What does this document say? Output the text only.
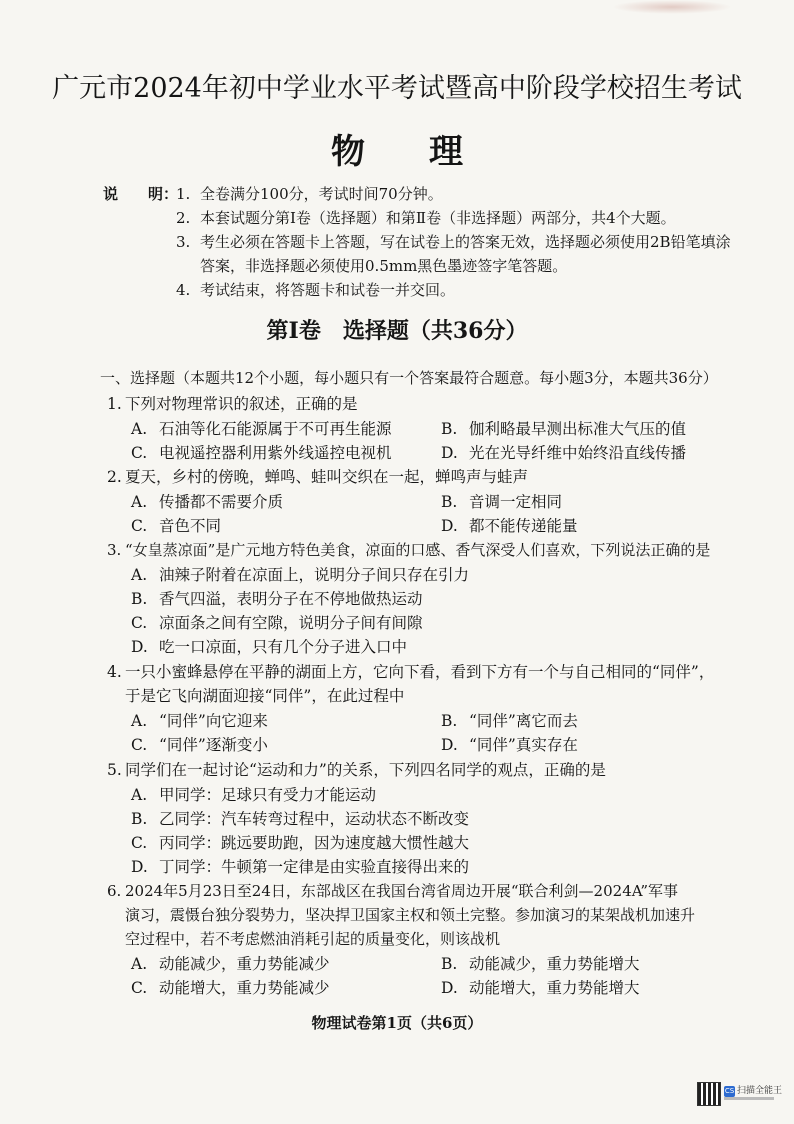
广元市2024年初中学业水平考试暨高中阶段学校招生考试
物 理
说 明：
1. 全卷满分100分，考试时间70分钟。
2. 本套试题分第Ⅰ卷（选择题）和第Ⅱ卷（非选择题）两部分，共4个大题。
3. 考生必须在答题卡上答题，写在试卷上的答案无效，选择题必须使用2B铅笔填涂答案，非选择题必须使用0.5mm黑色墨迹签字笔答题。
4. 考试结束，将答题卡和试卷一并交回。
第Ⅰ卷 选择题（共36分）
一、选择题（本题共12个小题，每小题只有一个答案最符合题意。每小题3分，本题共36分）
1. 下列对物理常识的叙述，正确的是
A. 石油等化石能源属于不可再生能源	B. 伽利略最早测出标准大气压的值
C. 电视遥控器利用紫外线遥控电视机	D. 光在光导纤维中始终沿直线传播
2. 夏天，乡村的傍晚，蝉鸣、蛙叫交织在一起，蝉鸣声与蛙声
A. 传播都不需要介质	B. 音调一定相同
C. 音色不同	D. 都不能传递能量
3. “女皇蒸凉面”是广元地方特色美食，凉面的口感、香气深受人们喜欢，下列说法正确的是
A. 油辣子附着在凉面上，说明分子间只存在引力
B. 香气四溢，表明分子在不停地做热运动
C. 凉面条之间有空隙，说明分子间有间隙
D. 吃一口凉面，只有几个分子进入口中
4. 一只小蜜蜂悬停在平静的湖面上方，它向下看，看到下方有一个与自己相同的“同伴”，
于是它飞向湖面迎接“同伴”，在此过程中
A. “同伴”向它迎来	B. “同伴”离它而去
C. “同伴”逐渐变小	D. “同伴”真实存在
5. 同学们在一起讨论“运动和力”的关系，下列四名同学的观点，正确的是
A. 甲同学：足球只有受力才能运动
B. 乙同学：汽车转弯过程中，运动状态不断改变
C. 丙同学：跳远要助跑，因为速度越大惯性越大
D. 丁同学：牛顿第一定律是由实验直接得出来的
6. 2024年5月23日至24日，东部战区在我国台湾省周边开展“联合利剑—2024A”军事
演习，震慑台独分裂势力，坚决捍卫国家主权和领土完整。参加演习的某架战机加速升
空过程中，若不考虑燃油消耗引起的质量变化，则该战机
A. 动能减少，重力势能减少	B. 动能减少，重力势能增大
C. 动能增大，重力势能减少	D. 动能增大，重力势能增大
物理试卷第1页（共6页）
CS 扫描全能王
